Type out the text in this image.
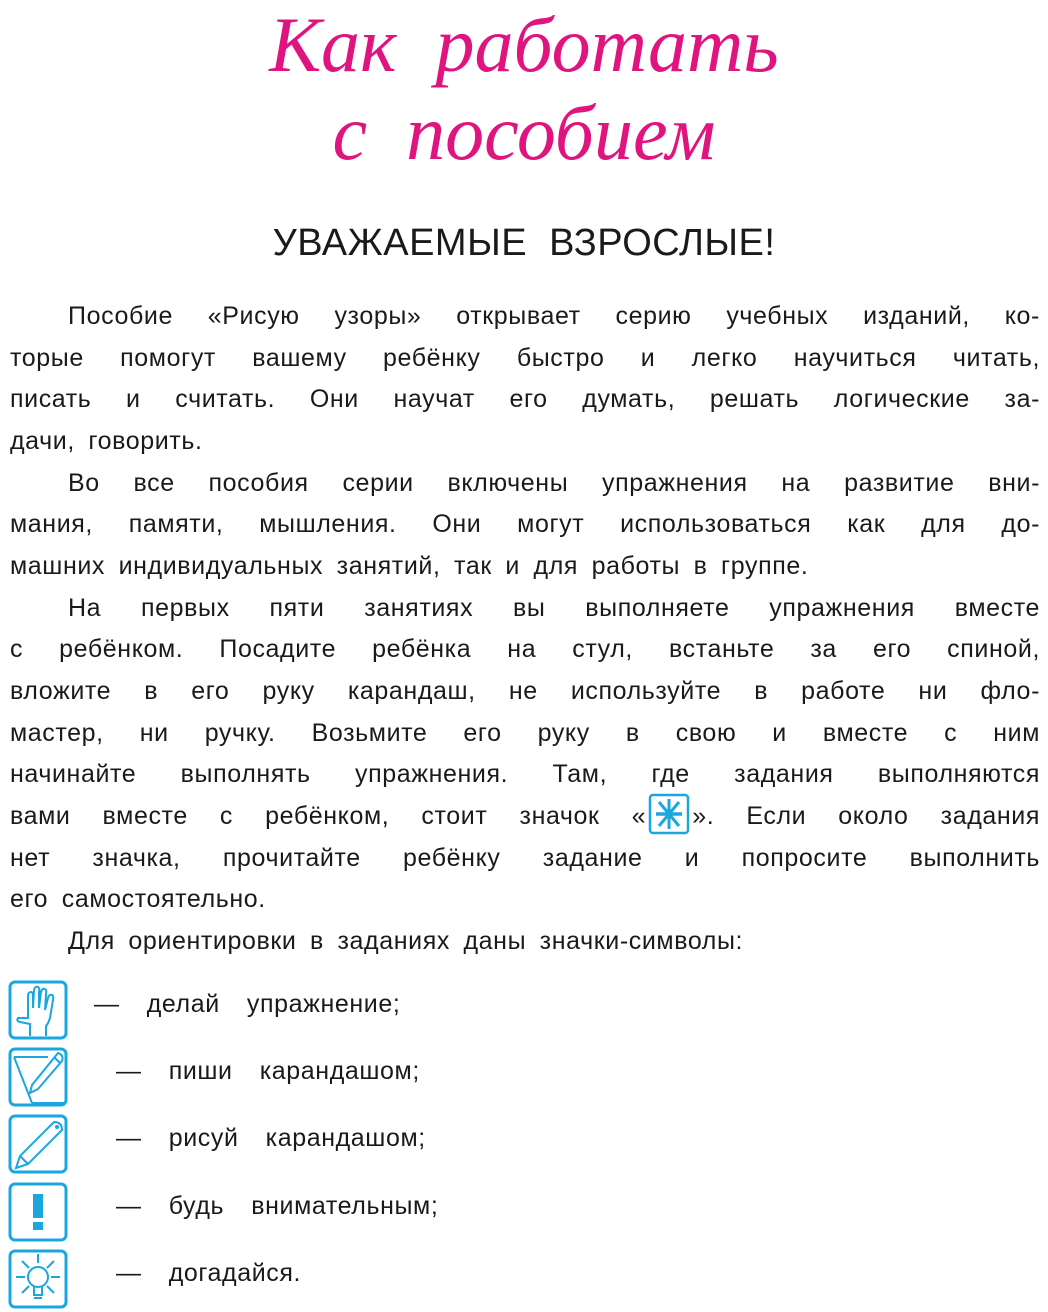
Как  работать
с  пособием
УВАЖАЕМЫЕ  ВЗРОСЛЫЕ!
Пособие «Рисую узоры» открывает серию учебных изданий, ко-
торые помогут вашему ребёнку быстро и легко научиться читать,
писать и считать. Они научат его думать, решать логические за-
дачи, говорить.
Во все пособия серии включены упражнения на развитие вни-
мания, памяти, мышления. Они могут использоваться как для до-
машних индивидуальных занятий, так и для работы в группе.
На первых пяти занятиях вы выполняете упражнения вместе
с ребёнком. Посадите ребёнка на стул, встаньте за его спиной,
вложите в его руку карандаш, не используйте в работе ни фло-
мастер, ни ручку. Возьмите его руку в свою и вместе с ним
начинайте выполнять упражнения. Там, где задания выполняются
вами вместе с ребёнком, стоит значок « ». Если около задания
нет значка, прочитайте ребёнку задание и попросите выполнить
его самостоятельно.
Для ориентировки в заданиях даны значки-символы:
—  делай  упражнение;
—  пиши  карандашом;
—  рисуй  карандашом;
—  будь  внимательным;
—  догадайся.
